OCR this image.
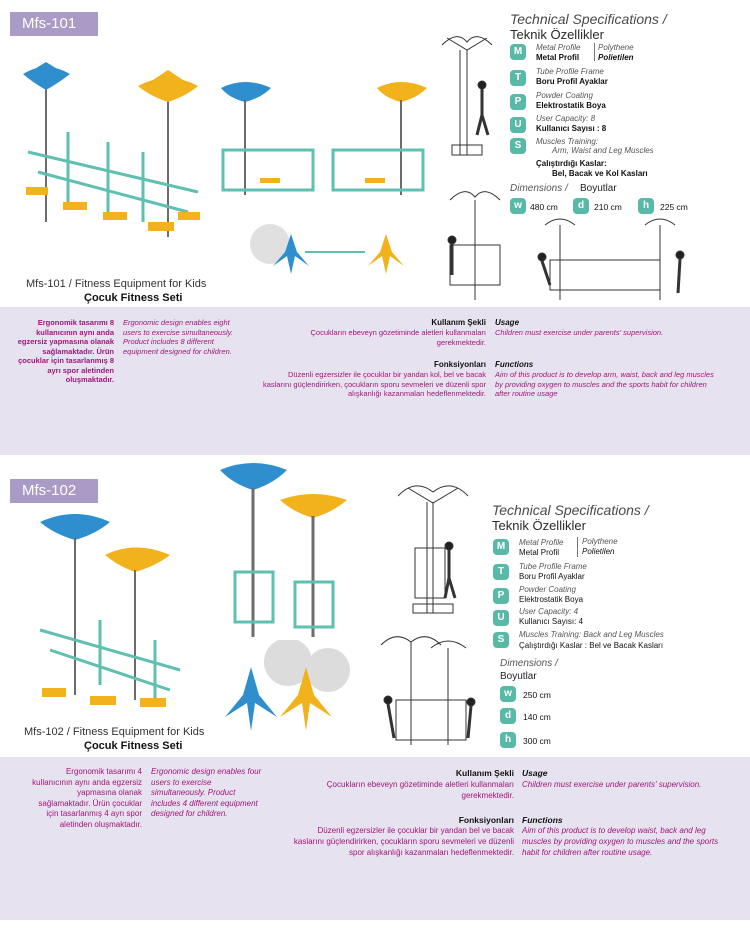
Mfs-101	Technical Specifications /
Teknik Özellikler
M	Metal Profile
Metal Profil
Polythene
Polietilen
T
Tube Profile Frame
Boru Profil Ayaklar
P
Powder Coating
Elektrostatik Boya
U
User Capacity: 8
Kullanıcı Sayısı : 8
S	Muscles Training:
Arm, Waist and Leg Muscles
Çalıştırdığı Kaslar:
Bel, Bacak ve Kol Kasları
Dimensions / Boyutlar
w 480 cm	d	210 cm	h	225 cm
Mfs-101 / Fitness Equipment for Kids
Çocuk Fitness Seti
Ergonomik tasarımı 8 kullanıcının aynı anda egzersiz yapmasına olanak sağlamaktadır. Ürün çocuklar için tasarlanmış 8 ayrı spor aletinden oluşmaktadır.
Ergonomic design enables eight users to exercise simultaneously. Product includes 8 different equipment designed for children.
Kullanım Şekli Usage
Çocukların ebeveyn gözetiminde aletleri kullanmaları gerekmektedir.
Children must exercise under parents' supervision.
Fonksiyonları Functions
Düzenli egzersizler ile çocuklar bir yandan kol, bel ve bacak kaslarını güçlendirirken, çocukların sporu sevmeleri ve düzenli spor alışkanlığı kazanmaları hedeflenmektedir.
Aim of this product is to develop arm, waist, back and leg muscles by providing oxygen to muscles and the sports habit for children after routine usage
Mfs-102
Technical Specifications /
Teknik Özellikler
M	Metal Profile
Metal Profil
Polythene
Polietilen
T	Tube Profile Frame
Boru Profil Ayaklar
P
Powder Coating
Elektrostatik Boya
U
User Capacity: 4
Kullanıcı Sayısı: 4
S	Muscles Training: Back and Leg Muscles
Çalıştırdığı Kaslar : Bel ve Bacak Kasları
Dimensions /
Boyutlar
w	250 cm
d	140 cm
h	300 cm
Mfs-102 / Fitness Equipment for Kids
Çocuk Fitness Seti
Ergonomik tasarımı 4 kullanıcının aynı anda egzersiz yapmasına olanak sağlamaktadır. Ürün çocuklar için tasarlanmış 4 ayrı spor aletinden oluşmaktadır.
Ergonomic design enables four users to exercise simultaneously. Product includes 4 different equipment designed for children.
Kullanım Şekli Usage
Çocukların ebeveyn gözetiminde aletleri kullanmaları gerekmektedir.
Children must exercise under parents' supervision.
Fonksiyonları Functions
Düzenli egzersizler ile çocuklar bir yandan bel ve bacak kaslarını güçlendirirken, çocukların sporu sevmeleri ve düzenli spor alışkanlığı kazanmaları hedeflenmektedir.
Aim of this product is to develop waist, back and leg muscles by providing oxygen to muscles and the sports habit for children after routine usage.
